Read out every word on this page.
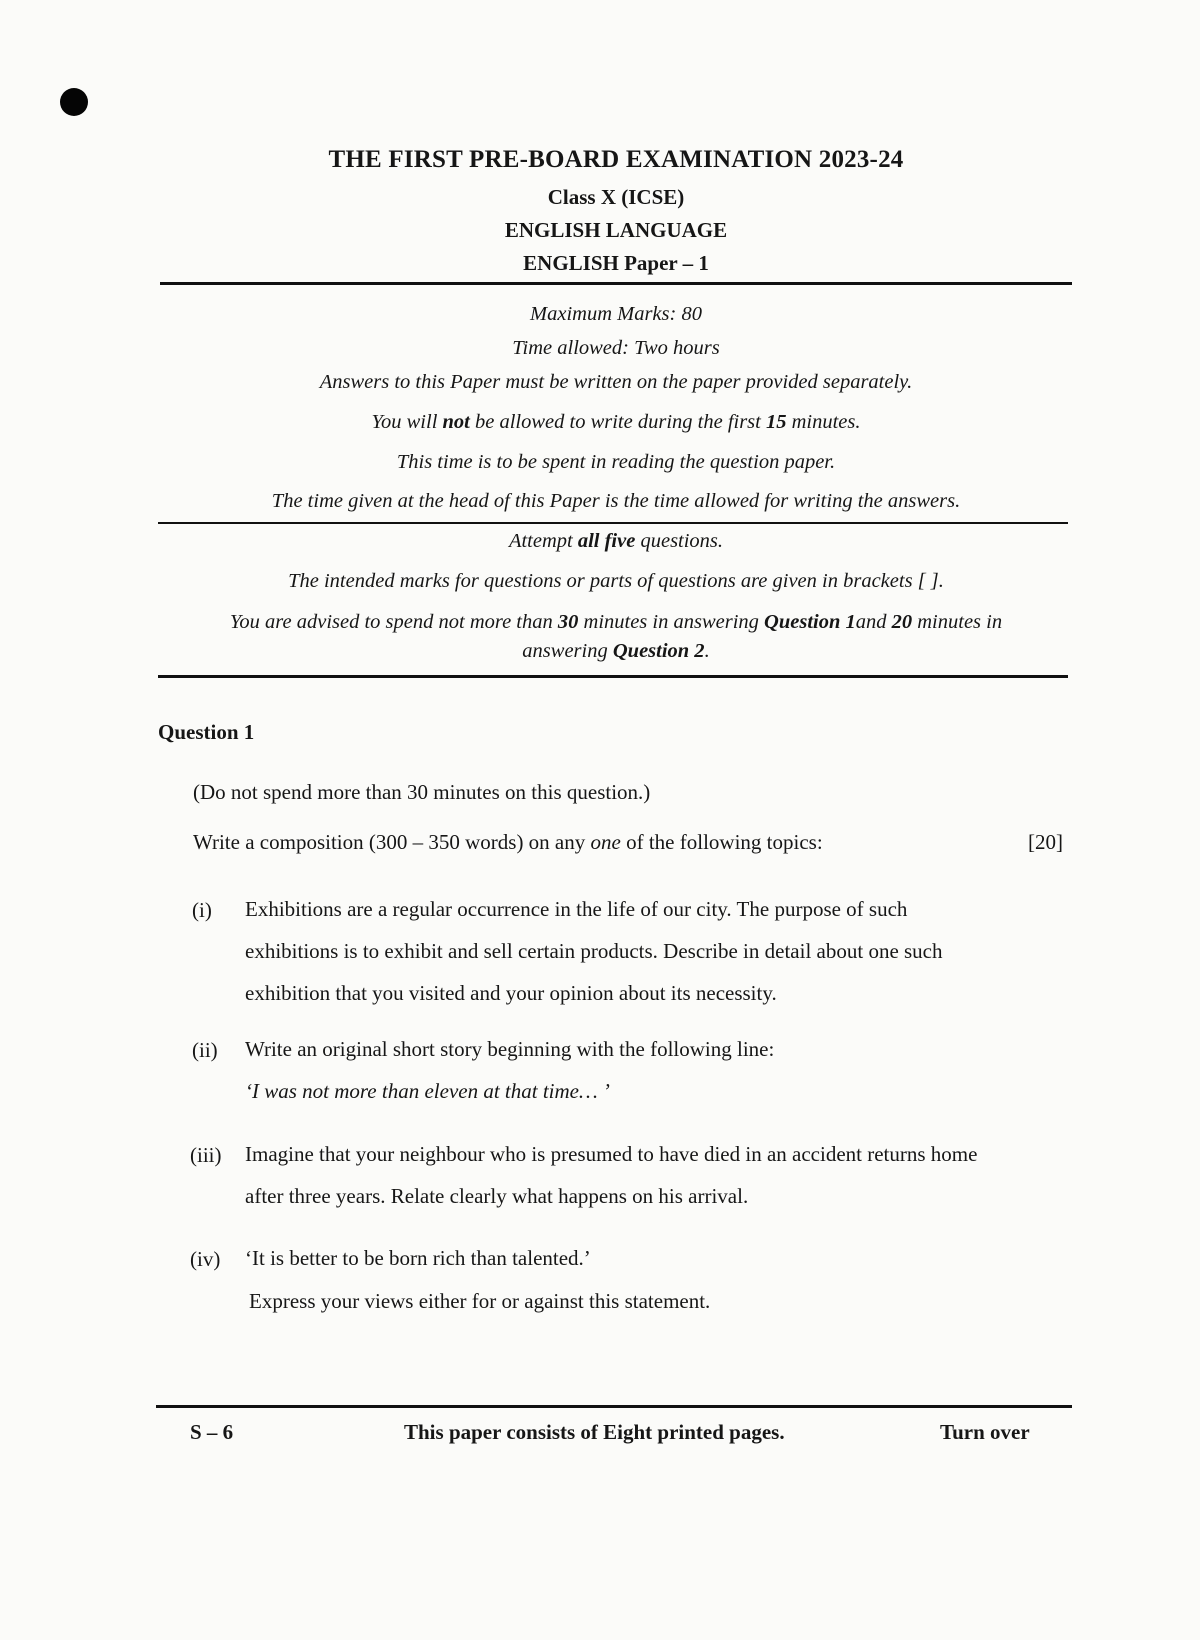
THE FIRST PRE-BOARD EXAMINATION 2023-24
Class X (ICSE)
ENGLISH LANGUAGE
ENGLISH Paper – 1
Maximum Marks: 80
Time allowed: Two hours
Answers to this Paper must be written on the paper provided separately.
You will not be allowed to write during the first 15 minutes.
This time is to be spent in reading the question paper.
The time given at the head of this Paper is the time allowed for writing the answers.
Attempt all five questions.
The intended marks for questions or parts of questions are given in brackets [ ].
You are advised to spend not more than 30 minutes in answering Question 1and 20 minutes in
answering Question 2.
Question 1
(Do not spend more than 30 minutes on this question.)
Write a composition (300 – 350 words) on any one of the following topics:	[20]
(i) Exhibitions are a regular occurrence in the life of our city. The purpose of such exhibitions is to exhibit and sell certain products. Describe in detail about one such exhibition that you visited and your opinion about its necessity.
(ii) Write an original short story beginning with the following line:
‘I was not more than eleven at that time… ’
(iii) Imagine that your neighbour who is presumed to have died in an accident returns home after three years. Relate clearly what happens on his arrival.
(iv) ‘It is better to be born rich than talented.’
Express your views either for or against this statement.
S – 6	This paper consists of Eight printed pages.	Turn over
